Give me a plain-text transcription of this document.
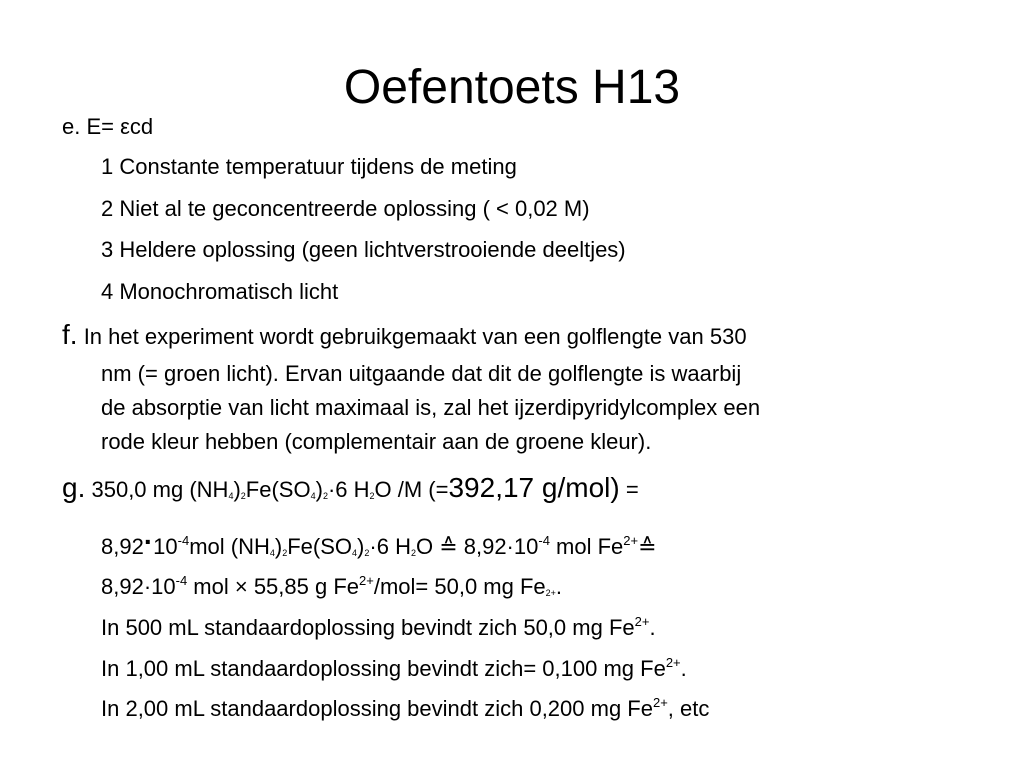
Oefentoets H13
e. E= εcd
1 Constante temperatuur tijdens de meting
2 Niet al te geconcentreerde oplossing ( < 0,02 M)
3 Heldere oplossing (geen lichtverstrooiende deeltjes)
4 Monochromatisch licht
f. In het experiment wordt gebruikgemaakt van een golflengte van 530
nm (= groen licht). Ervan uitgaande dat dit de golflengte is waarbij
de absorptie van licht maximaal is, zal het ijzerdipyridylcomplex een
rode kleur hebben (complementair aan de groene kleur).
g. 350,0 mg $(NH_4)_2Fe(SO_4)_2\cdot 6$ $H_2O$ /M (=392,17 g/mol) =
$8,92\cdot 10^{-4}mol$ $(NH_4)_2Fe(SO_4)_2\cdot 6$ $H_2O$ ≙ $8,92\cdot 10^{-4}$ mol $Fe^{2+}≙$
$8,92\cdot 10^{-4}$ mol × 55,85 g $Fe^{2+}/mol= 50,0$ mg $Fe_{2+}$.
In 500 mL standaardoplossing bevindt zich 50,0 mg $Fe^{2+}$.
In 1,00 mL standaardoplossing bevindt zich= 0,100 mg $Fe^{2+}$.
In 2,00 mL standaardoplossing bevindt zich 0,200 mg $Fe^{2+}$, etc
